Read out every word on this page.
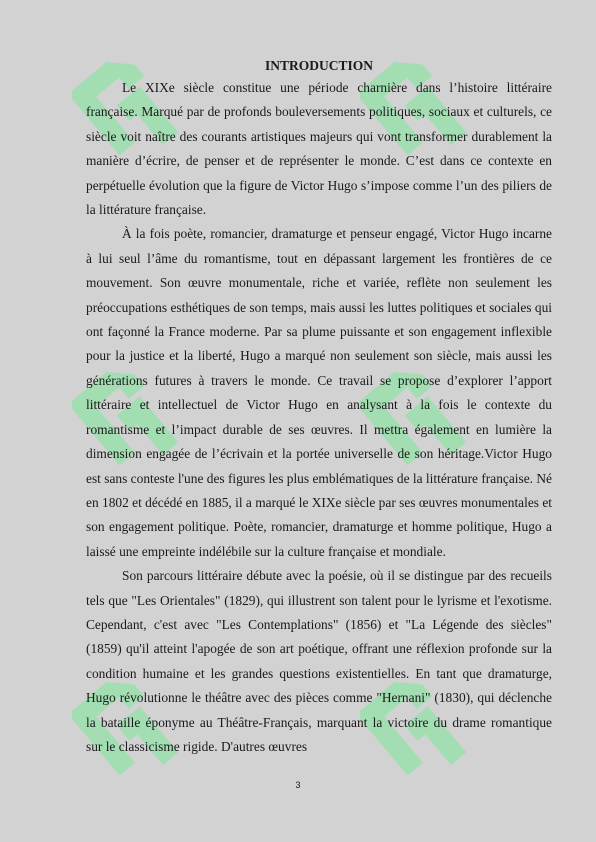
INTRODUCTION

Le XIXe siècle constitue une période charnière dans l’histoire littéraire française. Marqué par de profonds bouleversements politiques, sociaux et culturels, ce siècle voit naître des courants artistiques majeurs qui vont transformer durablement la manière d’écrire, de penser et de représenter le monde. C’est dans ce contexte en perpétuelle évolution que la figure de Victor Hugo s’impose comme l’un des piliers de la littérature française.

À la fois poète, romancier, dramaturge et penseur engagé, Victor Hugo incarne à lui seul l’âme du romantisme, tout en dépassant largement les frontières de ce mouvement. Son œuvre monumentale, riche et variée, reflète non seulement les préoccupations esthétiques de son temps, mais aussi les luttes politiques et sociales qui ont façonné la France moderne. Par sa plume puissante et son engagement inflexible pour la justice et la liberté, Hugo a marqué non seulement son siècle, mais aussi les générations futures à travers le monde. Ce travail se propose d’explorer l’apport littéraire et intellectuel de Victor Hugo en analysant à la fois le contexte du romantisme et l’impact durable de ses œuvres. Il mettra également en lumière la dimension engagée de l’écrivain et la portée universelle de son héritage.Victor Hugo est sans conteste l'une des figures les plus emblématiques de la littérature française. Né en 1802 et décédé en 1885, il a marqué le XIXe siècle par ses œuvres monumentales et son engagement politique. Poète, romancier, dramaturge et homme politique, Hugo a laissé une empreinte indélébile sur la culture française et mondiale.

Son parcours littéraire débute avec la poésie, où il se distingue par des recueils tels que "Les Orientales" (1829), qui illustrent son talent pour le lyrisme et l'exotisme. Cependant, c'est avec "Les Contemplations" (1856) et "La Légende des siècles" (1859) qu'il atteint l'apogée de son art poétique, offrant une réflexion profonde sur la condition humaine et les grandes questions existentielles. En tant que dramaturge, Hugo révolutionne le théâtre avec des pièces comme "Hernani" (1830), qui déclenche la bataille éponyme au Théâtre-Français, marquant la victoire du drame romantique sur le classicisme rigide. D'autres œuvres

3
